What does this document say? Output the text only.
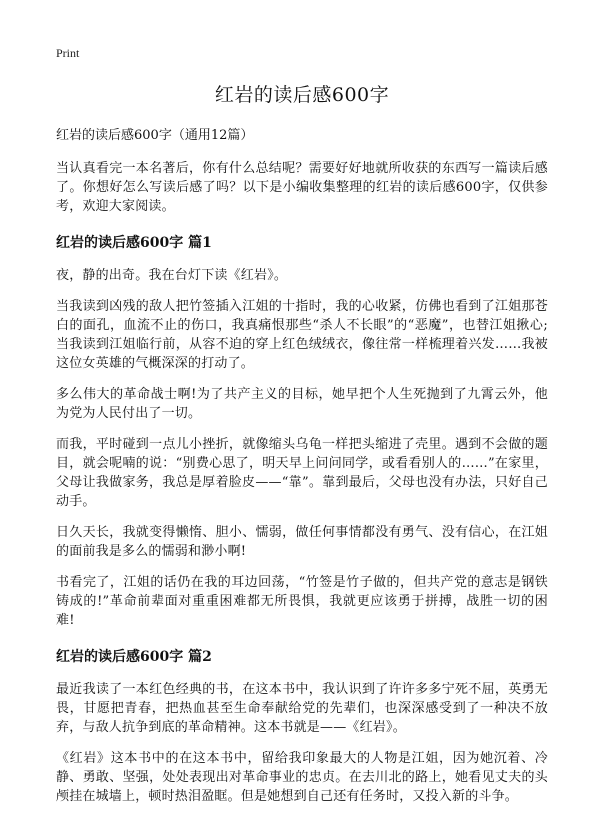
Print
红岩的读后感600字
红岩的读后感600字（通用12篇）

当认真看完一本名著后，你有什么总结呢？需要好好地就所收获的东西写一篇读后感了。你想好怎么写读后感了吗？以下是小编收集整理的红岩的读后感600字，仅供参考，欢迎大家阅读。

红岩的读后感600字 篇1

夜，静的出奇。我在台灯下读《红岩》。

当我读到凶残的敌人把竹签插入江姐的十指时，我的心收紧，仿佛也看到了江姐那苍白的面孔，血流不止的伤口，我真痛恨那些“杀人不长眼”的“恶魔”，也替江姐揪心;当我读到江姐临行前，从容不迫的穿上红色绒绒衣，像往常一样梳理着兴发……我被这位女英雄的气概深深的打动了。

多么伟大的革命战士啊!为了共产主义的目标，她早把个人生死抛到了九霄云外，他为党为人民付出了一切。

而我，平时碰到一点儿小挫折，就像缩头乌龟一样把头缩进了壳里。遇到不会做的题目，就会呢喃的说：“别费心思了，明天早上问问同学，或看看别人的……”在家里，父母让我做家务，我总是厚着脸皮——“靠”。靠到最后，父母也没有办法，只好自己动手。

日久天长，我就变得懒惰、胆小、懦弱，做任何事情都没有勇气、没有信心，在江姐的面前我是多么的懦弱和渺小啊!

书看完了，江姐的话仍在我的耳边回荡，“竹签是竹子做的，但共产党的意志是钢铁铸成的!”革命前辈面对重重困难都无所畏惧，我就更应该勇于拼搏，战胜一切的困难!

红岩的读后感600字 篇2

最近我读了一本红色经典的书，在这本书中，我认识到了许许多多宁死不屈，英勇无畏，甘愿把青春，把热血甚至生命奉献给党的先辈们，也深深感受到了一种决不放弃，与敌人抗争到底的革命精神。这本书就是——《红岩》。

《红岩》这本书中的在这本书中，留给我印象最大的人物是江姐，因为她沉着、冷静、勇敢、坚强，处处表现出对革命事业的忠贞。在去川北的路上，她看见丈夫的头颅挂在城墙上，顿时热泪盈眶。但是她想到自己还有任务时，又投入新的斗争。
